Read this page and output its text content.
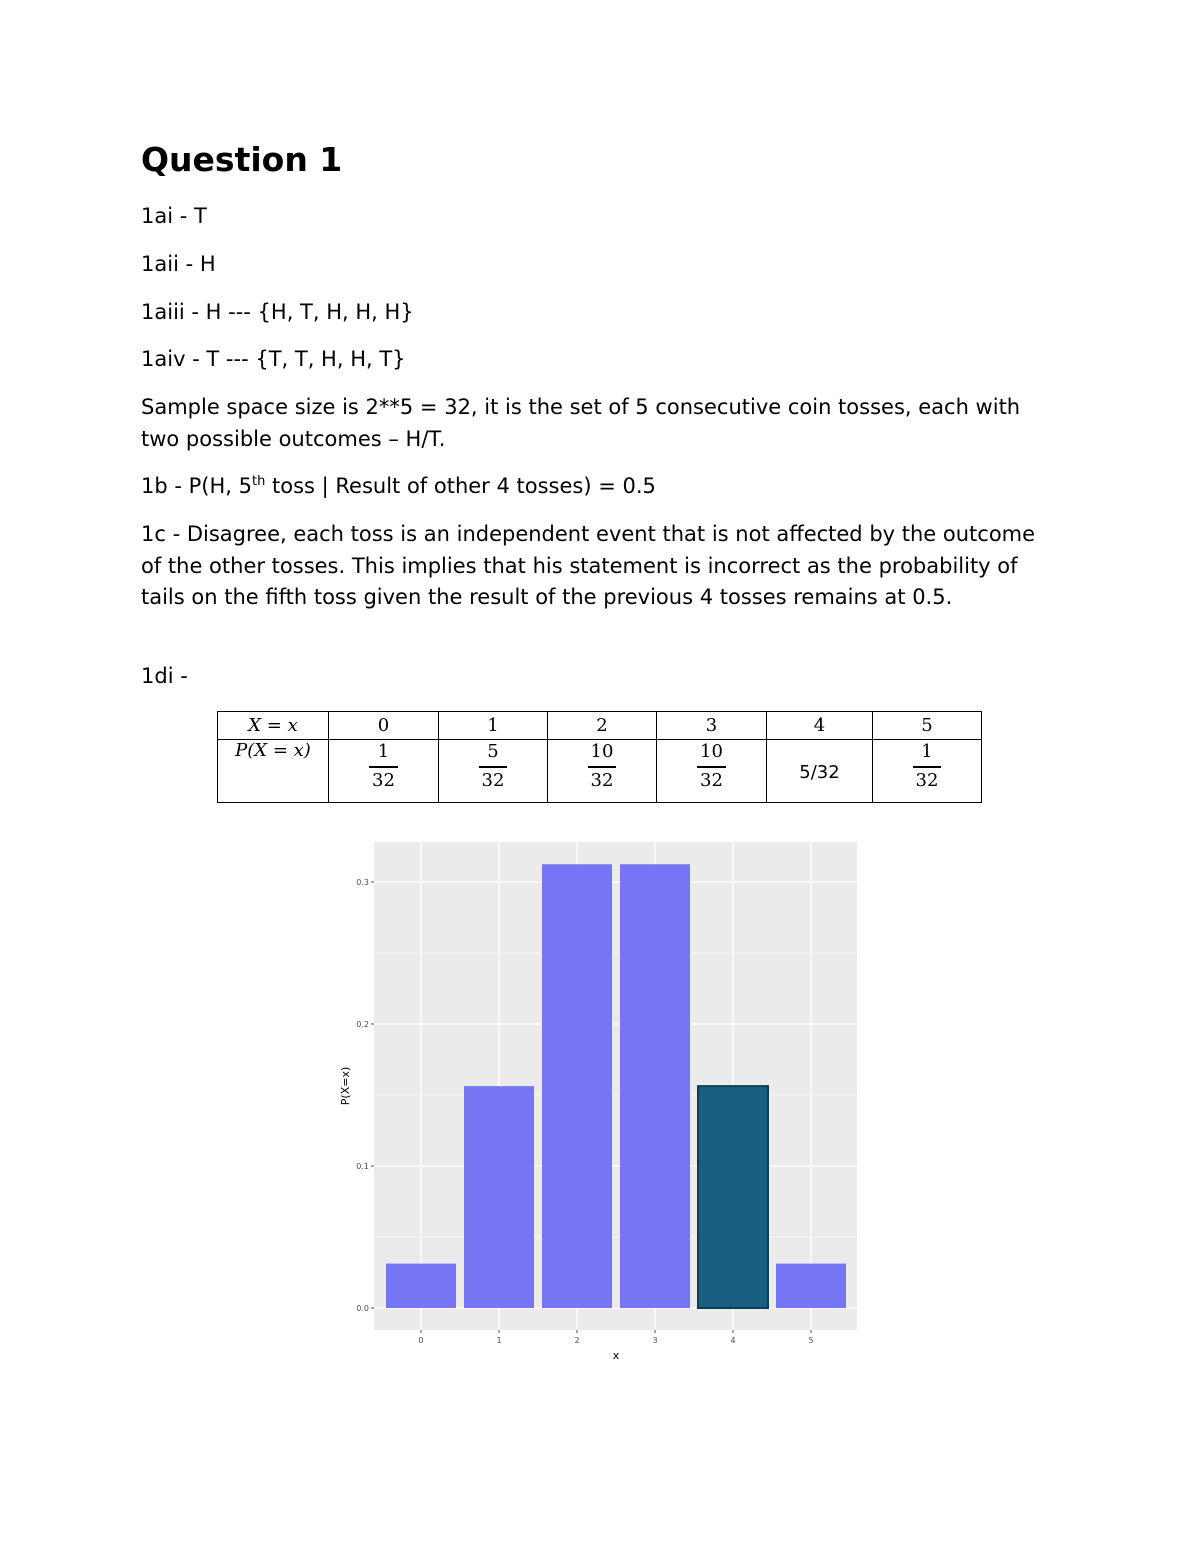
Question 1

1ai - T

1aii - H

1aiii - H --- {H, T, H, H, H}

1aiv - T --- {T, T, H, H, T}

Sample space size is 2**5 = 32, it is the set of 5 consecutive coin tosses, each with two possible outcomes – H/T.

1b - P(H, 5th toss | Result of other 4 tosses) = 0.5

1c - Disagree, each toss is an independent event that is not affected by the outcome of the other tosses. This implies that his statement is incorrect as the probability of tails on the fifth toss given the result of the previous 4 tosses remains at 0.5.

1di -

X = x	0	1	2	3	4	5
P(X = x)	$\frac{1}{32}$	$\frac{5}{32}$	$\frac{10}{32}$	$\frac{10}{32}$	5/32	$\frac{1}{32}$
0.0
0.1
0.2
0.3
0	1	2	3	4	5
x
P(X=x)
